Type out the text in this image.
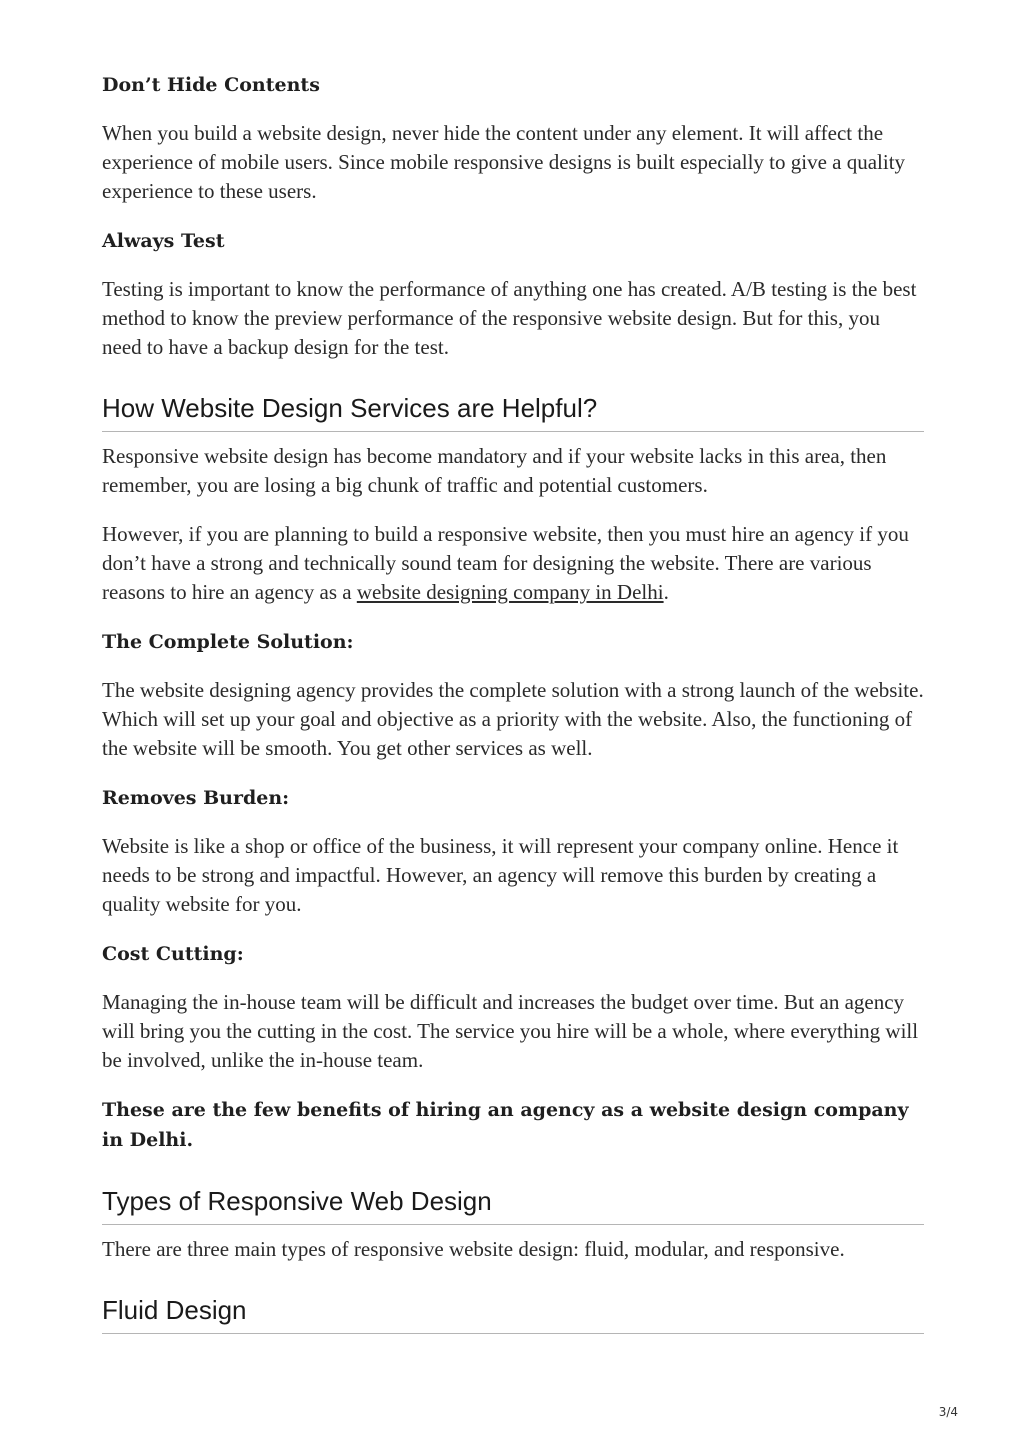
Don’t Hide Contents

When you build a website design, never hide the content under any element. It will affect the experience of mobile users. Since mobile responsive designs is built especially to give a quality experience to these users.

Always Test

Testing is important to know the performance of anything one has created. A/B testing is the best method to know the preview performance of the responsive website design. But for this, you need to have a backup design for the test.

How Website Design Services are Helpful?

Responsive website design has become mandatory and if your website lacks in this area, then remember, you are losing a big chunk of traffic and potential customers.

However, if you are planning to build a responsive website, then you must hire an agency if you don’t have a strong and technically sound team for designing the website. There are various reasons to hire an agency as a website designing company in Delhi.

The Complete Solution:

The website designing agency provides the complete solution with a strong launch of the website. Which will set up your goal and objective as a priority with the website. Also, the functioning of the website will be smooth. You get other services as well.

Removes Burden:

Website is like a shop or office of the business, it will represent your company online. Hence it needs to be strong and impactful. However, an agency will remove this burden by creating a quality website for you.

Cost Cutting:

Managing the in-house team will be difficult and increases the budget over time. But an agency will bring you the cutting in the cost. The service you hire will be a whole, where everything will be involved, unlike the in-house team.

These are the few benefits of hiring an agency as a website design company in Delhi.
Types of Responsive Web Design

There are three main types of responsive website design: fluid, modular, and responsive.

Fluid Design
3/4
